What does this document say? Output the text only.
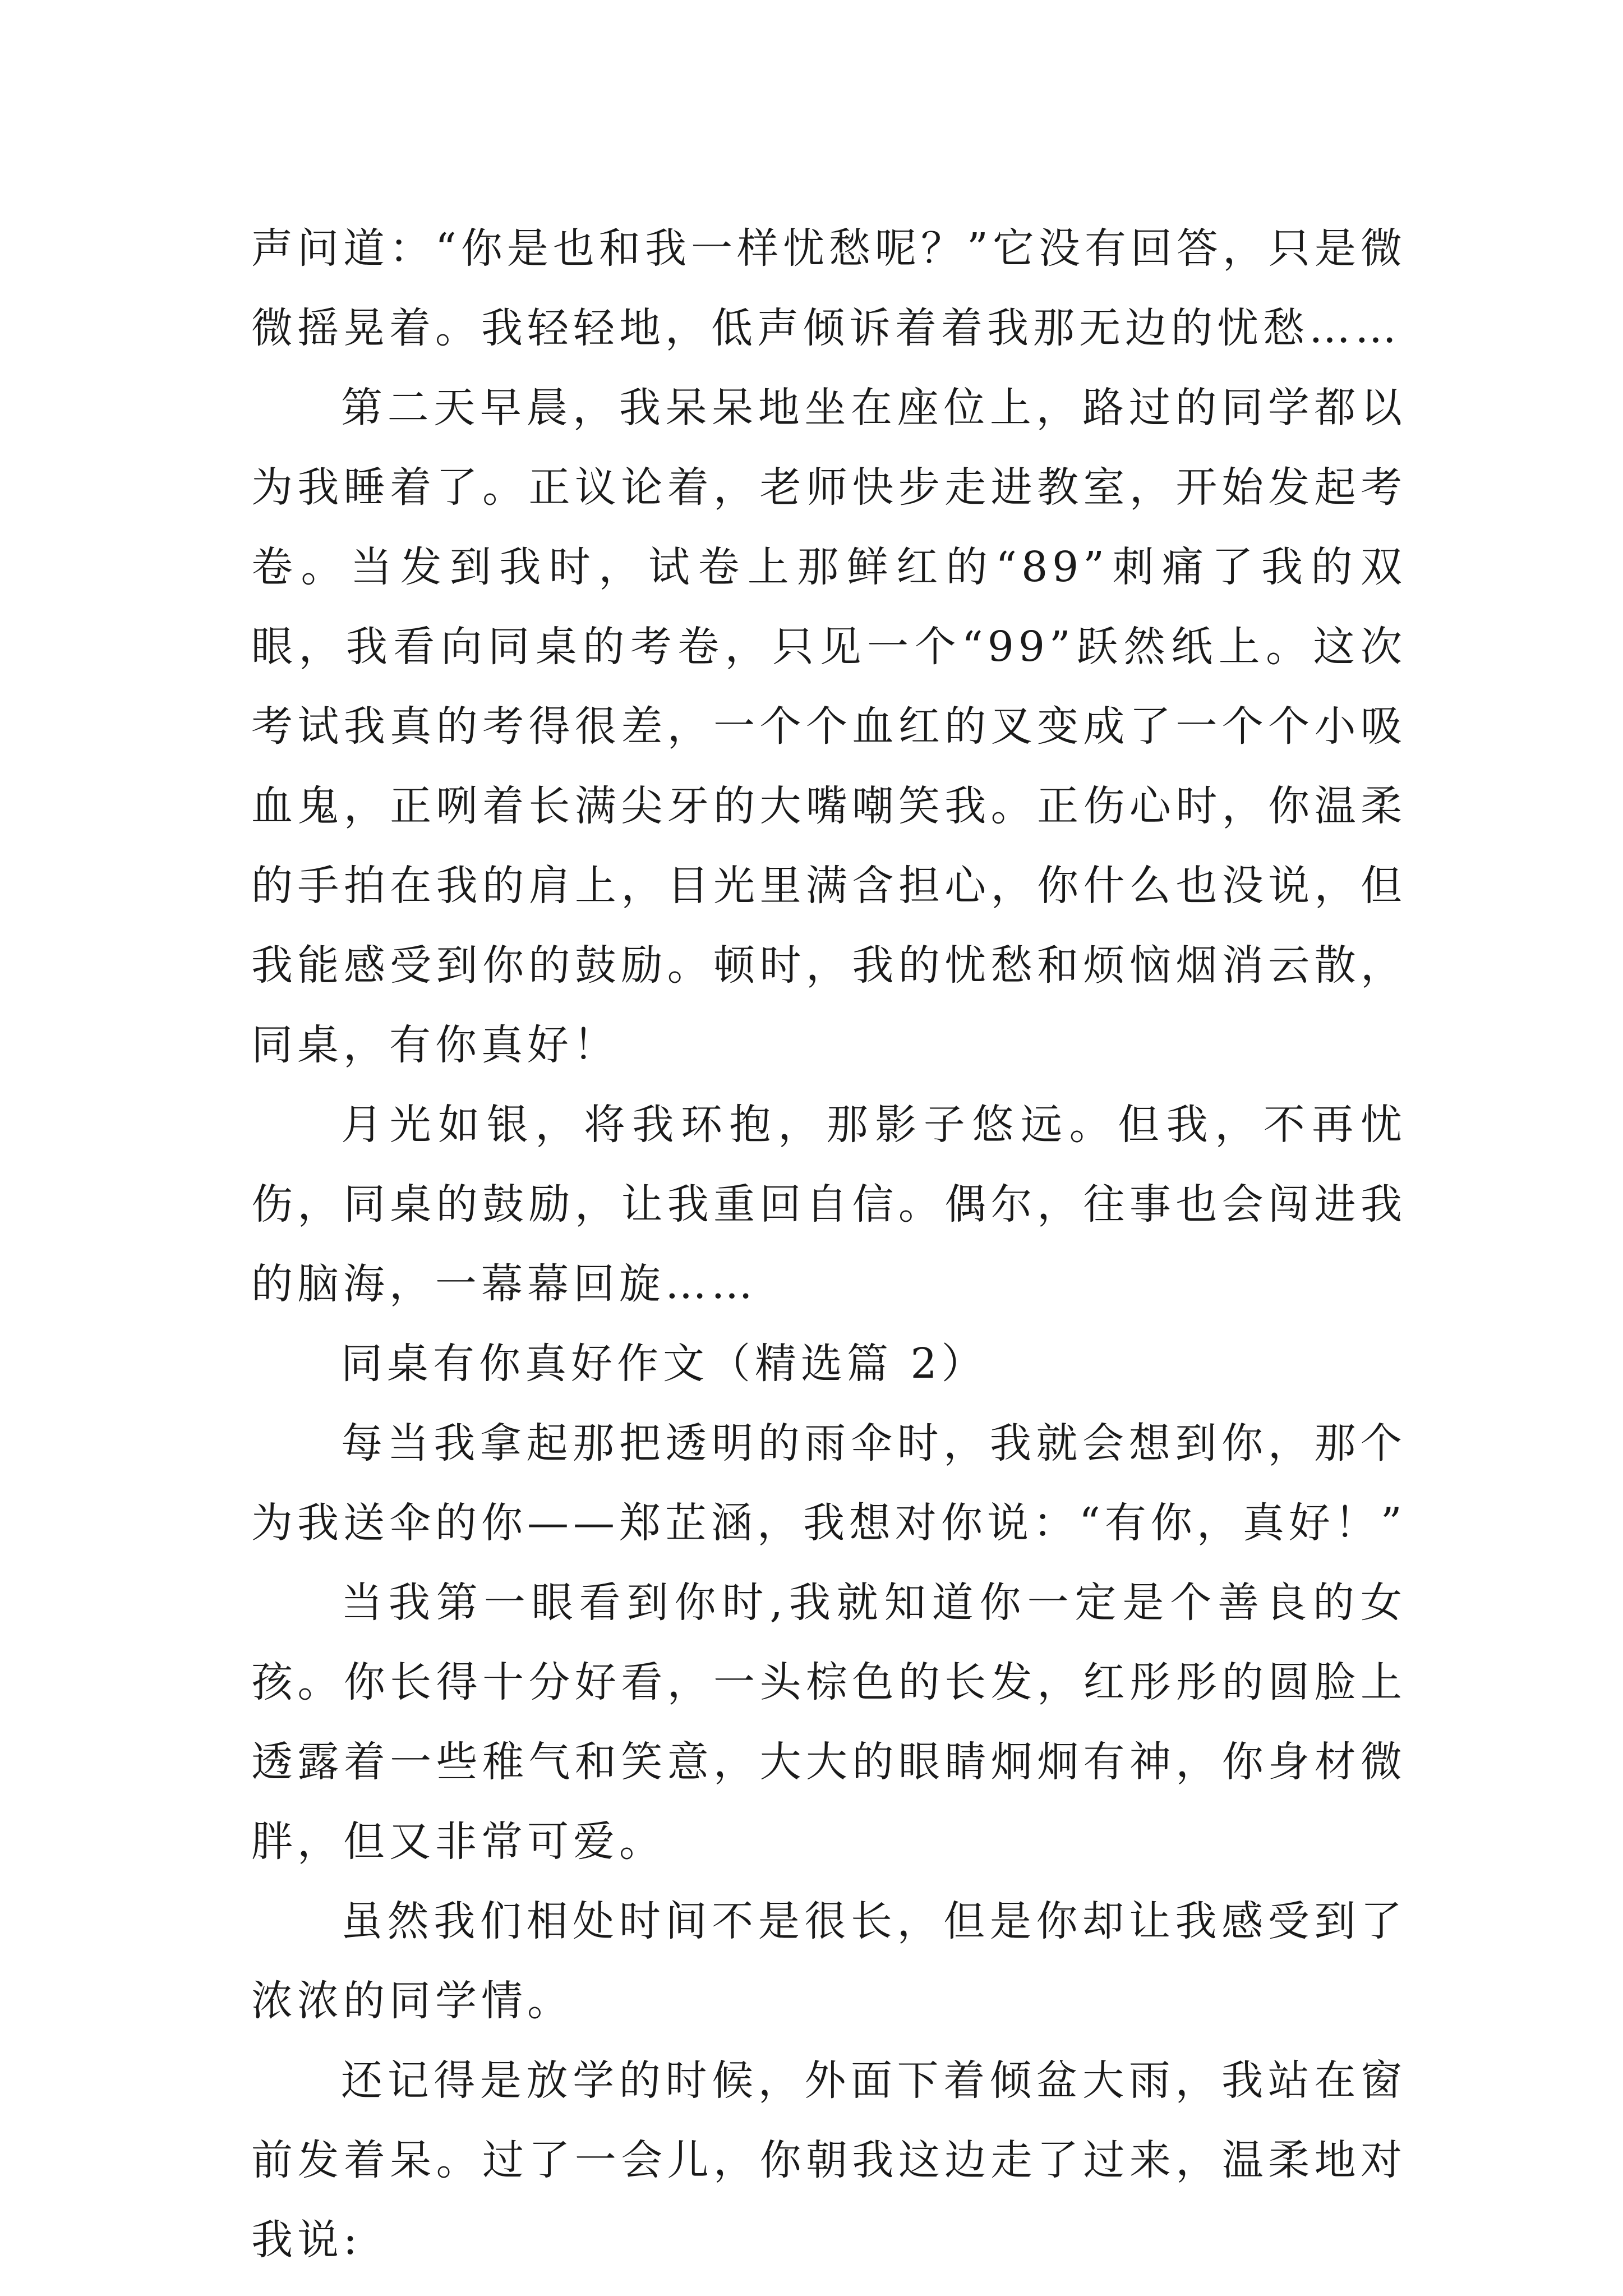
声问道：“你是也和我一样忧愁呢？”它没有回答，只是微微摇晃着。我轻轻地，低声倾诉着着我那无边的忧愁……

第二天早晨，我呆呆地坐在座位上，路过的同学都以为我睡着了。正议论着，老师快步走进教室，开始发起考卷。当发到我时，试卷上那鲜红的“89”刺痛了我的双眼，我看向同桌的考卷，只见一个“99”跃然纸上。这次考试我真的考得很差，一个个血红的叉变成了一个个小吸血鬼，正咧着长满尖牙的大嘴嘲笑我。正伤心时，你温柔的手拍在我的肩上，目光里满含担心，你什么也没说，但我能感受到你的鼓励。顿时，我的忧愁和烦恼烟消云散，同桌，有你真好！

月光如银，将我环抱，那影子悠远。但我，不再忧伤，同桌的鼓励，让我重回自信。偶尔，往事也会闯进我的脑海，一幕幕回旋……

同桌有你真好作文（精选篇 2）

每当我拿起那把透明的雨伞时，我就会想到你，那个为我送伞的你——郑芷涵，我想对你说：“有你，真好！”

当我第一眼看到你时,我就知道你一定是个善良的女孩。你长得十分好看，一头棕色的长发，红彤彤的圆脸上透露着一些稚气和笑意，大大的眼睛炯炯有神，你身材微胖，但又非常可爱。

虽然我们相处时间不是很长，但是你却让我感受到了浓浓的同学情。

还记得是放学的时候，外面下着倾盆大雨，我站在窗前发着呆。过了一会儿，你朝我这边走了过来，温柔地对我说:
